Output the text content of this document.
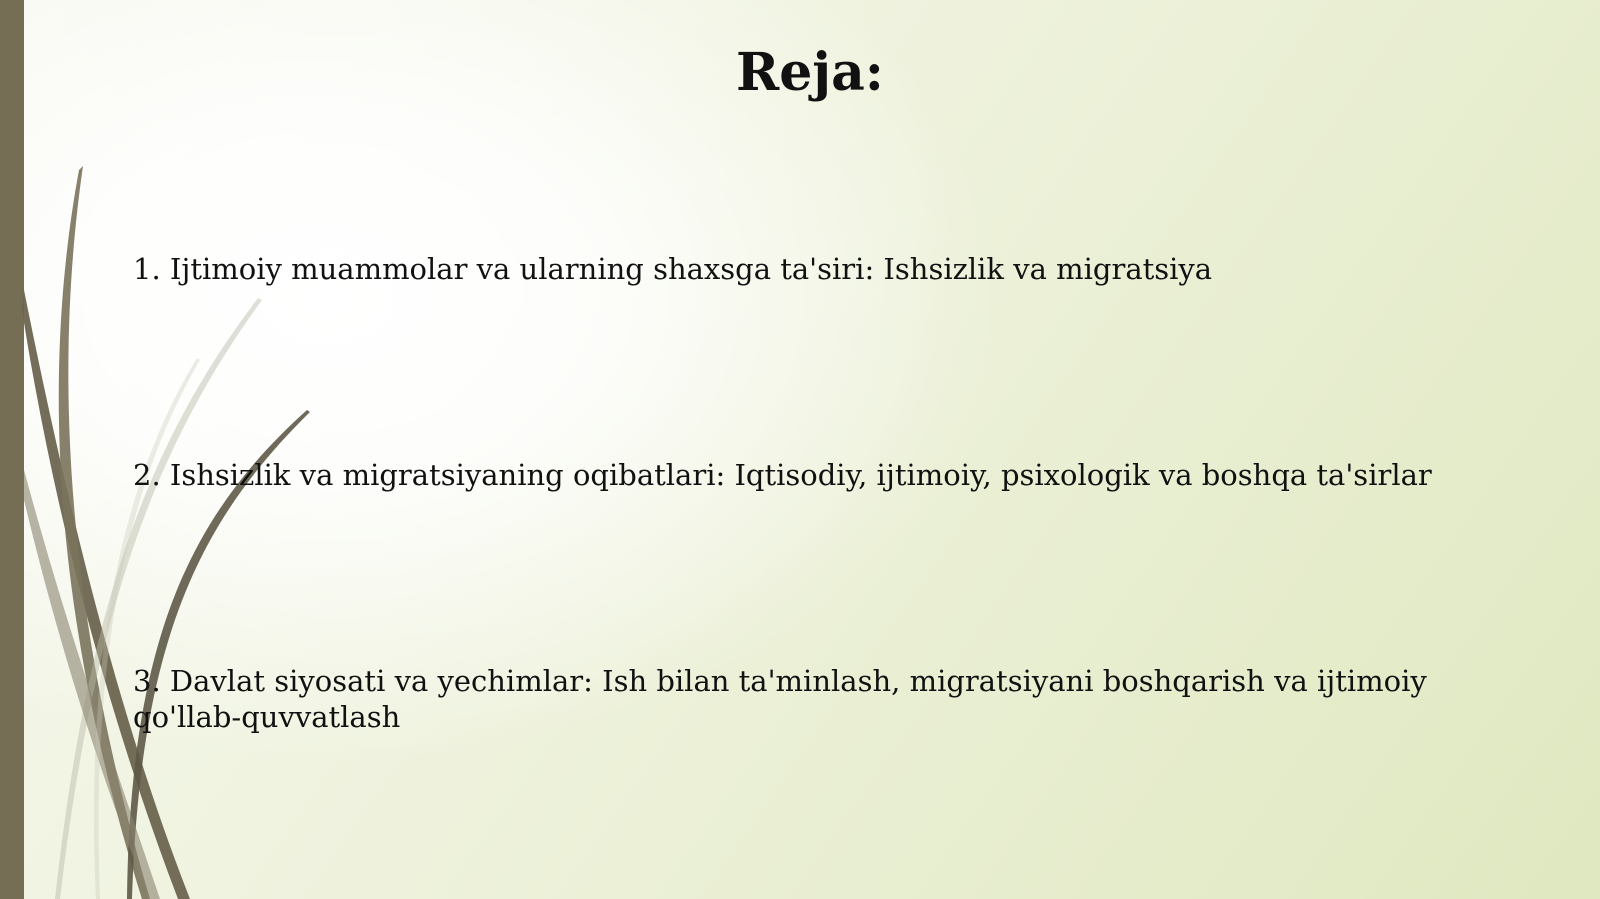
Reja:

1. Ijtimoiy muammolar va ularning shaxsga ta'siri: Ishsizlik va migratsiya

2. Ishsizlik va migratsiyaning oqibatlari: Iqtisodiy, ijtimoiy, psixologik va boshqa ta'sirlar

3. Davlat siyosati va yechimlar: Ish bilan ta'minlash, migratsiyani boshqarish va ijtimoiy qo'llab-quvvatlash
